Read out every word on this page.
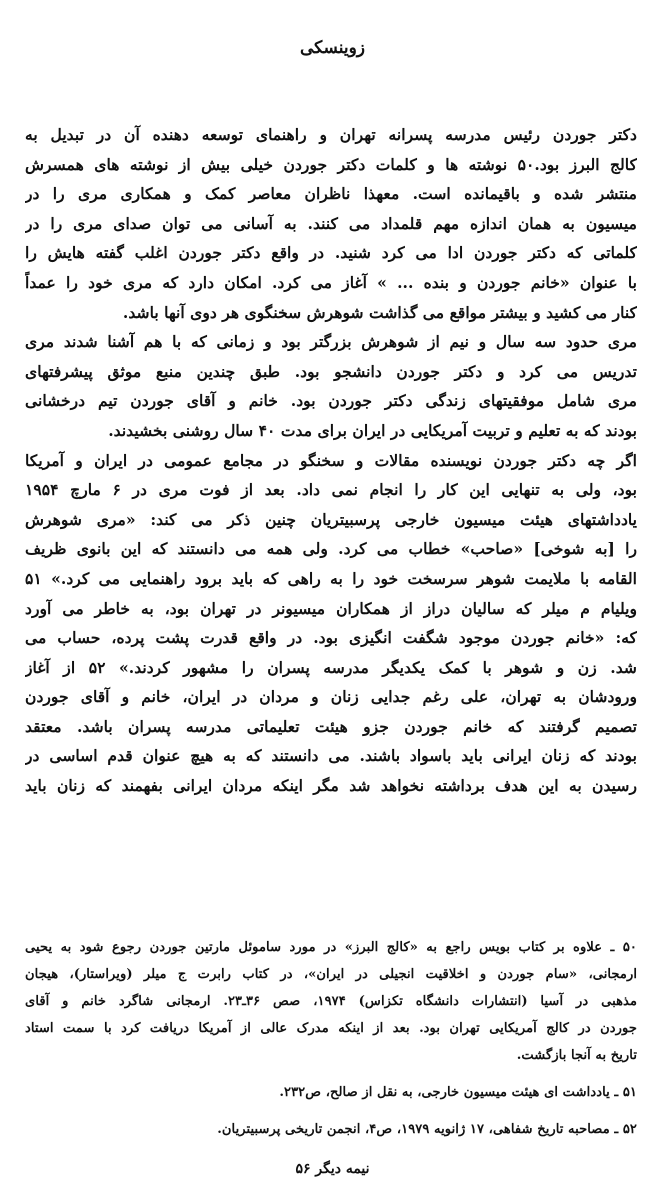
زوینسکی
دکتر جوردن رئیس مدرسه پسرانه تهران و راهنمای توسعه دهنده آن در تبدیل به
کالج البرز بود.۵۰ نوشته ها و کلمات دکتر جوردن خیلی بیش از نوشته های همسرش
منتشر شده و باقیمانده است. معهذا ناظران معاصر کمک و همکاری مری را در
میسیون به همان اندازه مهم قلمداد می کنند. به آسانی می توان صدای مری را در
کلماتی که دکتر جوردن ادا می کرد شنید. در واقع دکتر جوردن اغلب گفته هایش را
با عنوان «خانم جوردن و بنده ... » آغاز می کرد. امکان دارد که مری خود را عمداً
کنار می کشید و بیشتر مواقع می گذاشت شوهرش سخنگوی هر دوی آنها باشد.
مری حدود سه سال و نیم از شوهرش بزرگتر بود و زمانی که با هم آشنا شدند مری
تدریس می کرد و دکتر جوردن دانشجو بود. طبق چندین منبع موثق پیشرفتهای
مری شامل موفقیتهای زندگی دکتر جوردن بود. خانم و آقای جوردن تیم درخشانی
بودند که به تعلیم و تربیت آمریکایی در ایران برای مدت ۴۰ سال روشنی بخشیدند.
اگر چه دکتر جوردن نویسنده مقالات و سخنگو در مجامع عمومی در ایران و آمریکا
بود، ولی به تنهایی این کار را انجام نمی داد. بعد از فوت مری در ۶ مارچ ۱۹۵۴
یادداشتهای هیئت میسیون خارجی پرسبیتریان چنین ذکر می کند: «مری شوهرش
را [به شوخی] «صاحب» خطاب می کرد. ولی همه می دانستند که این بانوی ظریف
القامه با ملایمت شوهر سرسخت خود را به راهی که باید برود راهنمایی می کرد.» ۵۱
ویلیام م میلر که سالیان دراز از همکاران میسیونر در تهران بود، به خاطر می آورد
که: «خانم جوردن موجود شگفت انگیزی بود. در واقع قدرت پشت پرده، حساب می
شد. زن و شوهر با کمک یکدیگر مدرسه پسران را مشهور کردند.» ۵۲ از آغاز
ورودشان به تهران، علی رغم جدایی زنان و مردان در ایران، خانم و آقای جوردن
تصمیم گرفتند که خانم جوردن جزو هیئت تعلیماتی مدرسه پسران باشد. معتقد
بودند که زنان ایرانی باید باسواد باشند. می دانستند که به هیچ عنوان قدم اساسی در
رسیدن به این هدف برداشته نخواهد شد مگر اینکه مردان ایرانی بفهمند که زنان باید
۵۰ ـ علاوه بر کتاب بویس راجع به «کالج البرز» در مورد ساموئل مارتین جوردن رجوع شود به یحیی
ارمجانی، «سام جوردن و اخلاقیت انجیلی در ایران»، در کتاب رابرت ج میلر (ویراستار)، هیجان
مذهبی در آسیا (انتشارات دانشگاه تکزاس) ۱۹۷۴، صص ۳۶ـ۲۳. ارمجانی شاگرد خانم و آقای
جوردن در کالج آمریکایی تهران بود. بعد از اینکه مدرک عالی از آمریکا دریافت کرد با سمت استاد
تاریخ به آنجا بازگشت.
۵۱ ـ یادداشت ای هیئت میسیون خارجی، به نقل از صالح، ص۲۳۲.
۵۲ ـ مصاحبه تاریخ شفاهی، ۱۷ ژانویه ۱۹۷۹، ص۴، انجمن تاریخی پرسبیتریان.
نیمه دیگر ۵۶
